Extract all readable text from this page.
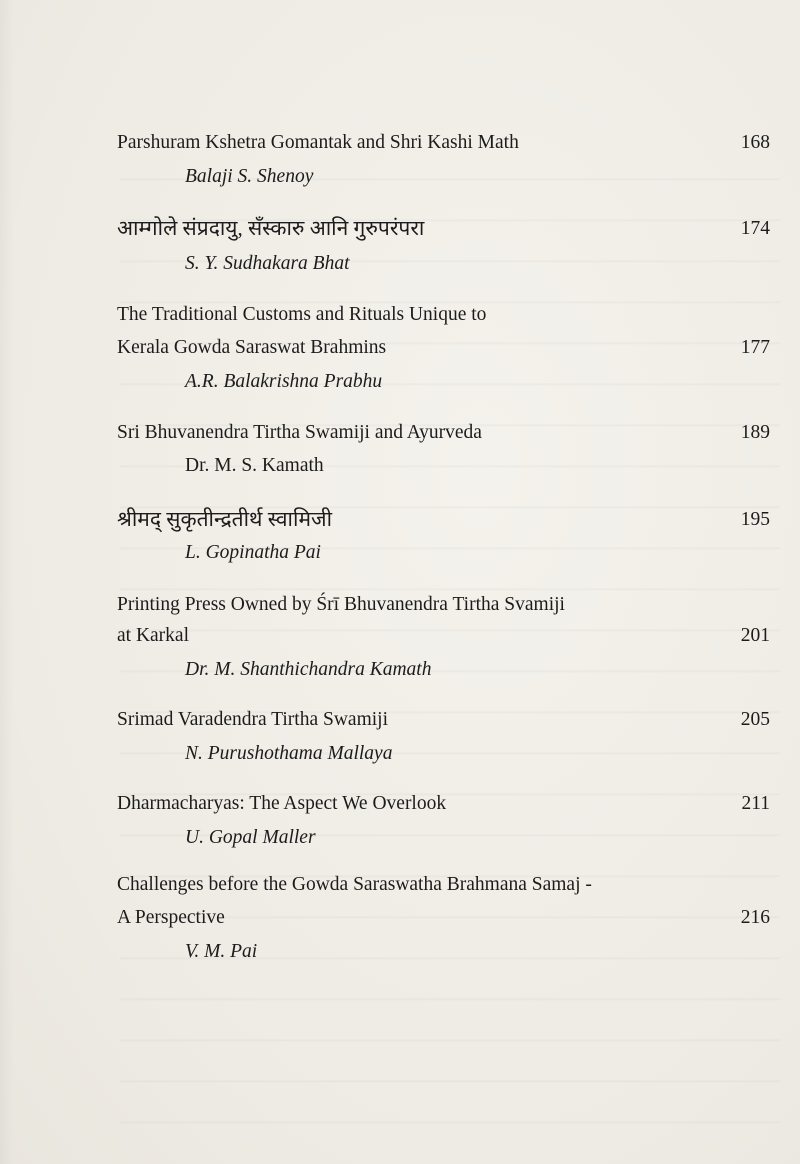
Parshuram Kshetra Gomantak and Shri Kashi Math	168
Balaji S. Shenoy
आम्गोले संप्रदायु, सँस्कारु आनि गुरुपरंपरा	174
S. Y. Sudhakara Bhat
The Traditional Customs and Rituals Unique to
Kerala Gowda Saraswat Brahmins	177
A.R. Balakrishna Prabhu
Sri Bhuvanendra Tirtha Swamiji and Ayurveda	189
Dr. M. S. Kamath
श्रीमद् सुकृतीन्द्रतीर्थ स्वामिजी	195
L. Gopinatha Pai
Printing Press Owned by Śrī Bhuvanendra Tirtha Svamiji
at Karkal	201
Dr. M. Shanthichandra Kamath
Srimad Varadendra Tirtha Swamiji	205
N. Purushothama Mallaya
Dharmacharyas: The Aspect We Overlook	211
U. Gopal Maller
Challenges before the Gowda Saraswatha Brahmana Samaj -
A Perspective	216
V. M. Pai
